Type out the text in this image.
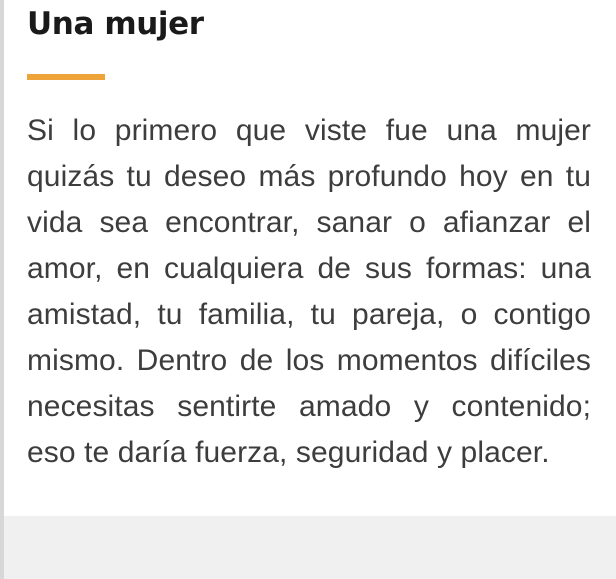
Una mujer

Si lo primero que viste fue una mujer quizás tu deseo más profundo hoy en tu vida sea encontrar, sanar o afianzar el amor, en cualquiera de sus formas: una amistad, tu familia, tu pareja, o contigo mismo. Dentro de los momentos difíciles necesitas sentirte amado y contenido; eso te daría fuerza, seguridad y placer.
